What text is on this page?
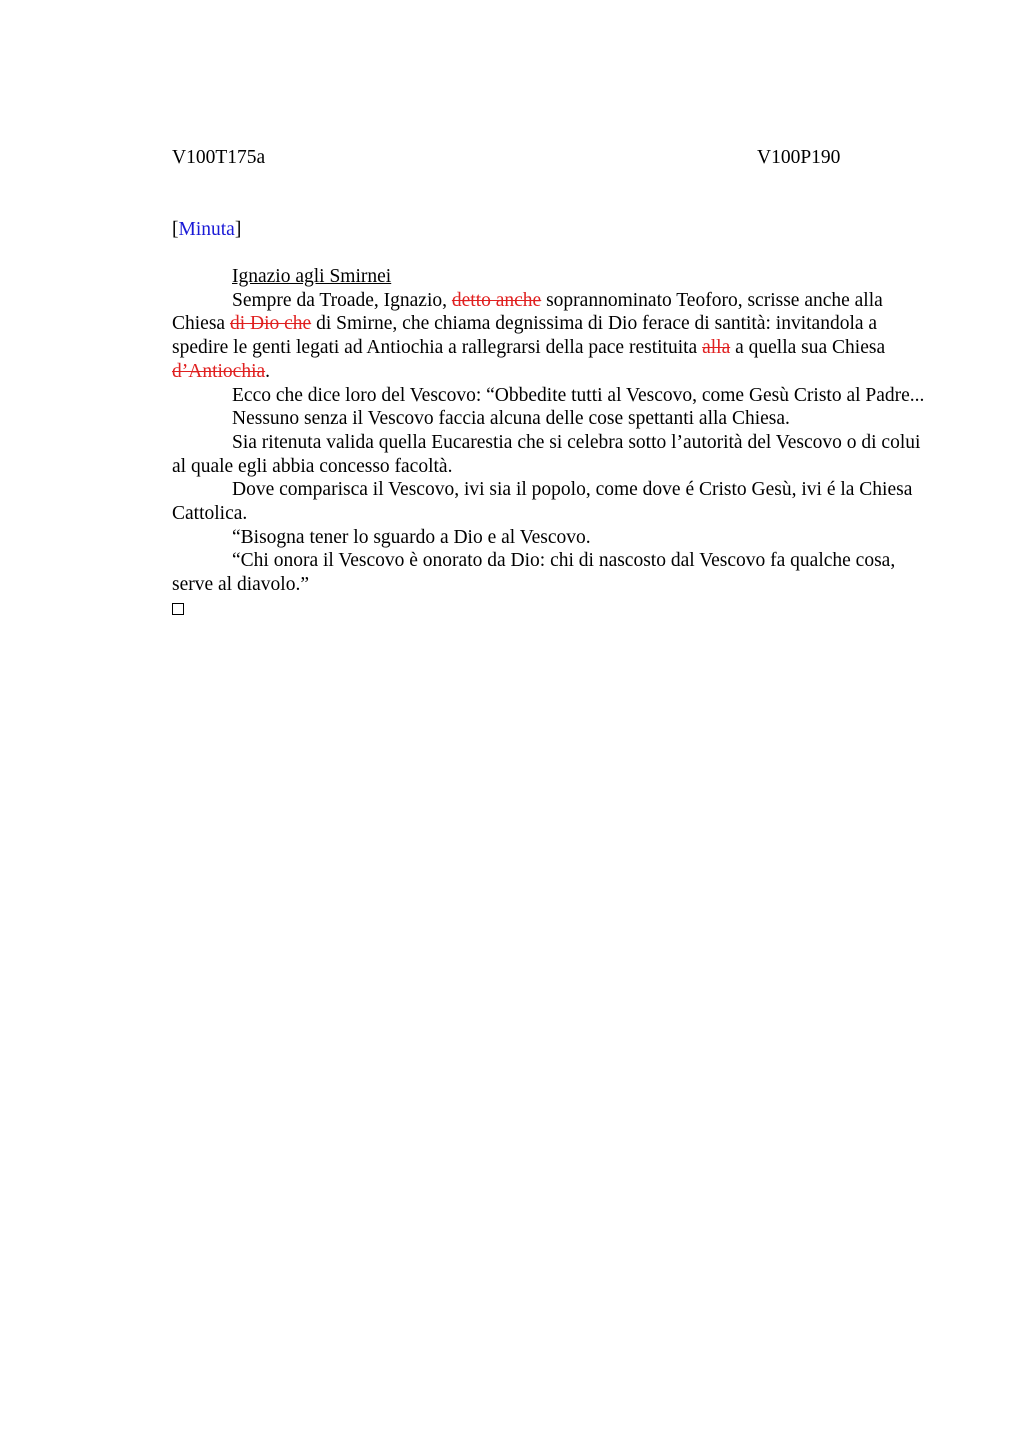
V100T175a	V100P190
[Minuta]

Ignazio agli Smirnei

Sempre da Troade, Ignazio, detto anche soprannominato Teoforo, scrisse anche alla Chiesa di Dio che di Smirne, che chiama degnissima di Dio ferace di santità: invitandola a spedire le genti legati ad Antiochia a rallegrarsi della pace restituita alla a quella sua Chiesa d’Antiochia.

Ecco che dice loro del Vescovo: “Obbedite tutti al Vescovo, come Gesù Cristo al Padre...

Nessuno senza il Vescovo faccia alcuna delle cose spettanti alla Chiesa.

Sia ritenuta valida quella Eucarestia che si celebra sotto l’autorità del Vescovo o di colui al quale egli abbia concesso facoltà.

Dove comparisca il Vescovo, ivi sia il popolo, come dove é Cristo Gesù, ivi é la Chiesa Cattolica.

“Bisogna tener lo sguardo a Dio e al Vescovo.

“Chi onora il Vescovo è onorato da Dio: chi di nascosto dal Vescovo fa qualche cosa, serve al diavolo.”
